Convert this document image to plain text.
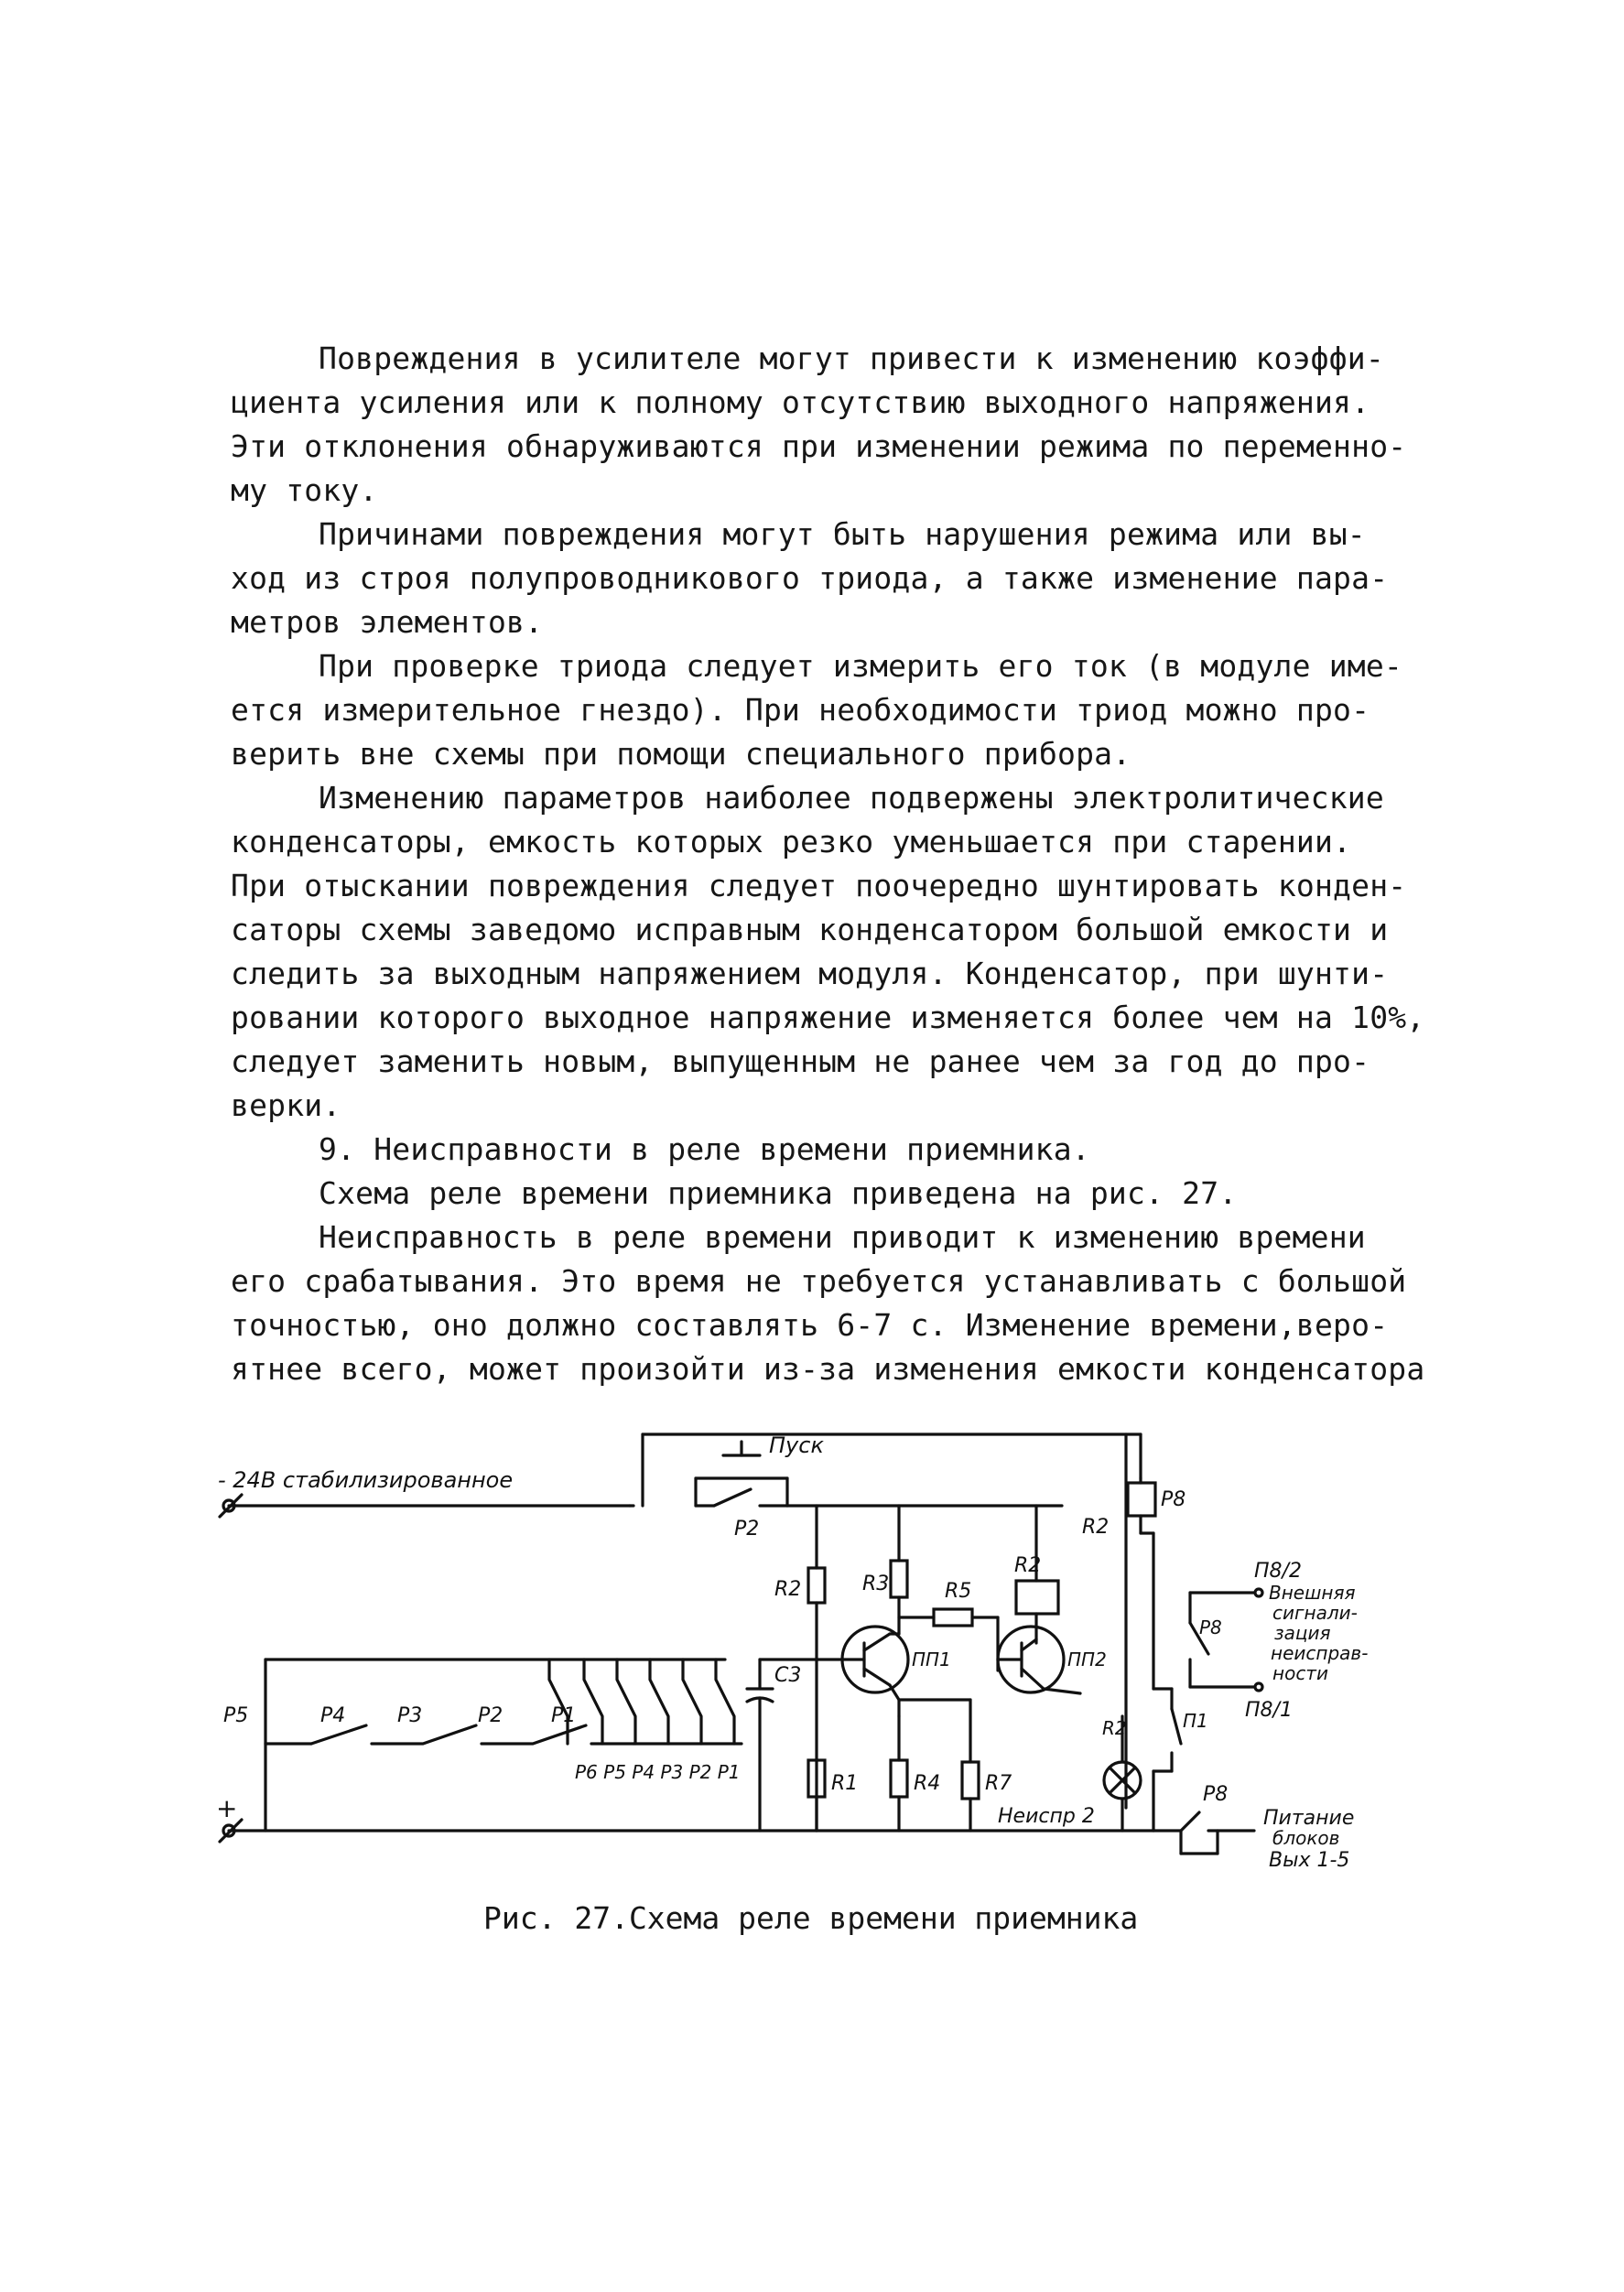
Повреждения в усилителе могут привести к изменению коэффи-
циента усиления или к полному отсутствию выходного напряжения.
Эти отклонения обнаруживаются при изменении режима по переменно-
му току.
Причинами повреждения могут быть нарушения режима или вы-
ход из строя полупроводникового триода, а также изменение пара-
метров элементов.
При проверке триода следует измерить его ток (в модуле име-
ется измерительное гнездо). При необходимости триод можно про-
верить вне схемы при помощи специального прибора.
Изменению параметров наиболее подвержены электролитические
конденсаторы, емкость которых резко уменьшается при старении.
При отыскании повреждения следует поочередно шунтировать конден-
саторы схемы заведомо исправным конденсатором большой емкости и
следить за выходным напряжением модуля. Конденсатор, при шунти-
ровании которого выходное напряжение изменяется более чем на 10%,
следует заменить новым, выпущенным не ранее чем за год до про-
верки.
9. Неисправности в реле времени приемника.
Схема реле времени приемника приведена на рис. 27.
Неисправность в реле времени приводит к изменению времени
его срабатывания. Это время не требуется устанавливать с большой
точностью, оно должно составлять 6-7 с. Изменение времени,веро-
ятнее всего, может произойти из-за изменения емкости конденсатора
- 24В стабилизированное
+
Пуск
Р2
R2	R3	R5
R2
R2
Р8
ПП1	ПП2
С3
R1	R4 R7
Неиспр 2
R2	П1
Р8
Р8
П8/2
П8/1
Внешняя
сигнали-
зация
неисправ-
ности
Питание
блоков
Вых 1-5
Р5	Р4	Р3	Р2 Р1
Р6 Р5 Р4 Р3 Р2 Р1
Рис. 27.Схема реле времени приемника
